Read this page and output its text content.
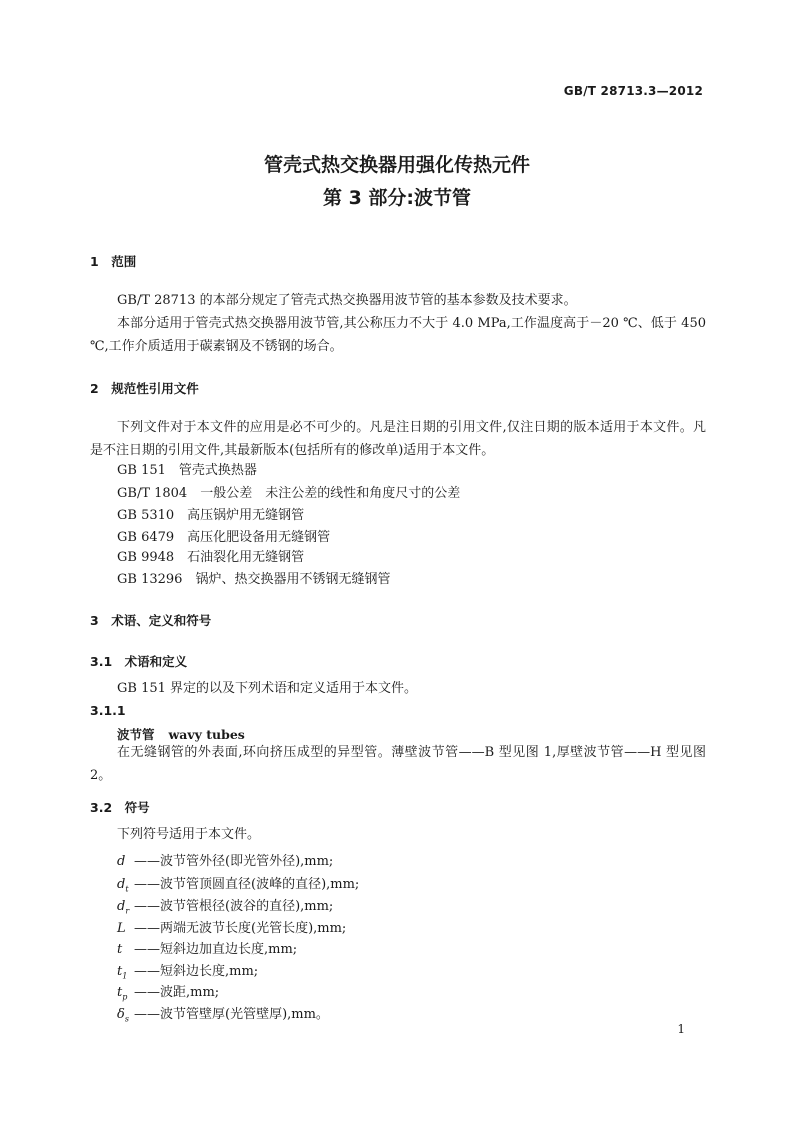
GB/T 28713.3—2012
管壳式热交换器用强化传热元件
第 3 部分:波节管
1　范围
GB/T 28713 的本部分规定了管壳式热交换器用波节管的基本参数及技术要求。
本部分适用于管壳式热交换器用波节管,其公称压力不大于 4.0 MPa,工作温度高于－20 ℃、低于 450 ℃,工作介质适用于碳素钢及不锈钢的场合。
2　规范性引用文件
下列文件对于本文件的应用是必不可少的。凡是注日期的引用文件,仅注日期的版本适用于本文件。凡是不注日期的引用文件,其最新版本(包括所有的修改单)适用于本文件。
GB 151　 管壳式换热器
GB/T 1804　 一般公差　未注公差的线性和角度尺寸的公差
GB 5310　 高压锅炉用无缝钢管
GB 6479　 高压化肥设备用无缝钢管
GB 9948　 石油裂化用无缝钢管
GB 13296　 锅炉、热交换器用不锈钢无缝钢管
3　术语、定义和符号
3.1　术语和定义
GB 151 界定的以及下列术语和定义适用于本文件。
3.1.1
波节管 wavy tubes
在无缝钢管的外表面,环向挤压成型的异型管。薄壁波节管——B 型见图 1,厚壁波节管——H 型见图 2。
3.2　符号
下列符号适用于本文件。
d ——波节管外径(即光管外径),mm;
$d_t$ ——波节管顶圆直径(波峰的直径),mm;
$d_r$ ——波节管根径(波谷的直径),mm;
L ——两端无波节长度(光管长度),mm;
t ——短斜边加直边长度,mm;
$t_1$ ——短斜边长度,mm;
$t_p$ ——波距,mm;
$\delta_s$ ——波节管壁厚(光管壁厚),mm。
1
